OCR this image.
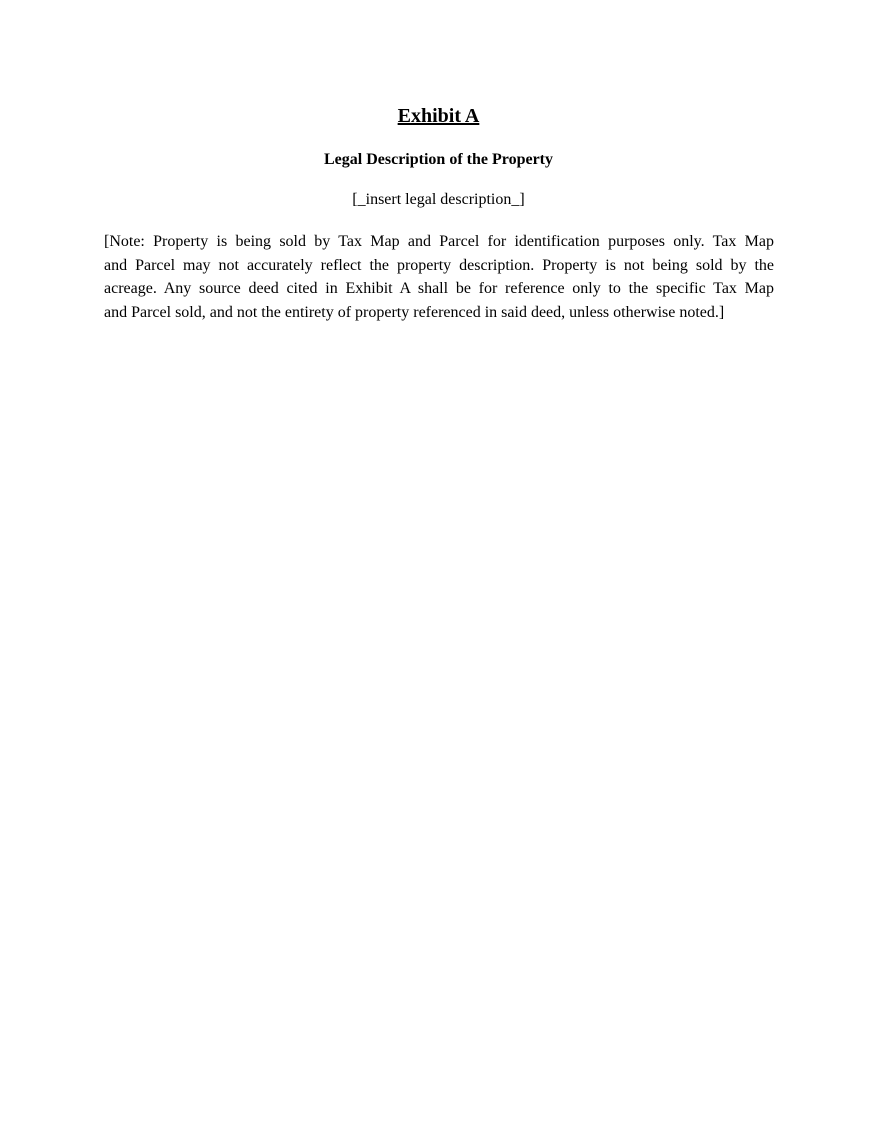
Exhibit A
Legal Description of the Property
[_insert legal description_]
[Note: Property is being sold by Tax Map and Parcel for identification purposes only. Tax Map
and Parcel may not accurately reflect the property description. Property is not being sold by the
acreage. Any source deed cited in Exhibit A shall be for reference only to the specific Tax Map
and Parcel sold, and not the entirety of property referenced in said deed, unless otherwise noted.]
